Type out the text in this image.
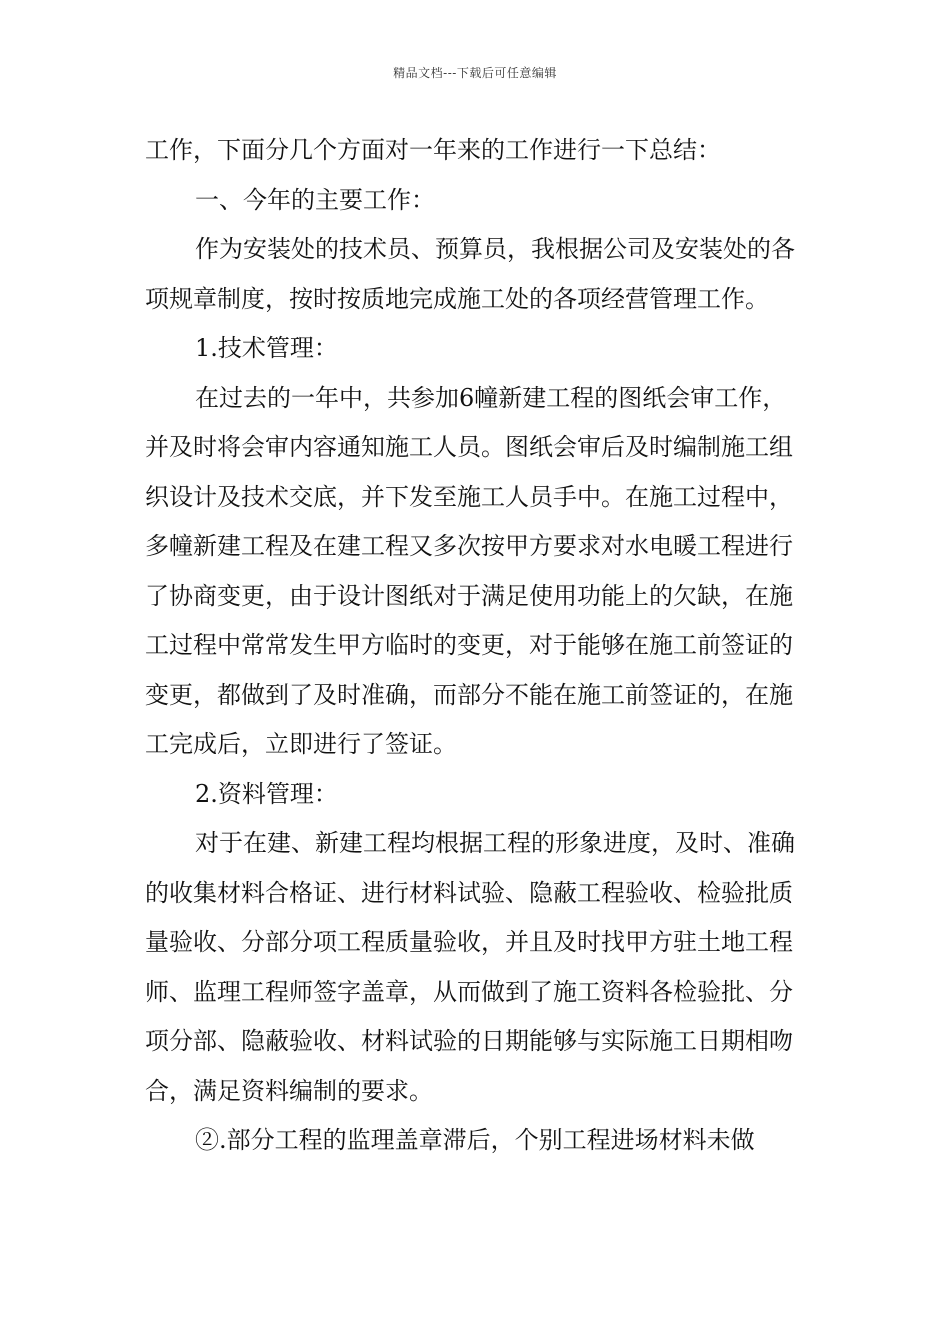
精品文档---下载后可任意编辑

工作，下面分几个方面对一年来的工作进行一下总结：

一、今年的主要工作：

作为安装处的技术员、预算员，我根据公司及安装处的各项规章制度，按时按质地完成施工处的各项经营管理工作。

1.技术管理：

在过去的一年中，共参加6幢新建工程的图纸会审工作，并及时将会审内容通知施工人员。图纸会审后及时编制施工组织设计及技术交底，并下发至施工人员手中。在施工过程中，多幢新建工程及在建工程又多次按甲方要求对水电暖工程进行了协商变更，由于设计图纸对于满足使用功能上的欠缺，在施工过程中常常发生甲方临时的变更，对于能够在施工前签证的变更，都做到了及时准确，而部分不能在施工前签证的，在施工完成后，立即进行了签证。

2.资料管理：

对于在建、新建工程均根据工程的形象进度，及时、准确的收集材料合格证、进行材料试验、隐蔽工程验收、检验批质量验收、分部分项工程质量验收，并且及时找甲方驻土地工程师、监理工程师签字盖章，从而做到了施工资料各检验批、分项分部、隐蔽验收、材料试验的日期能够与实际施工日期相吻合，满足资料编制的要求。

②.部分工程的监理盖章滞后，个别工程进场材料未做
